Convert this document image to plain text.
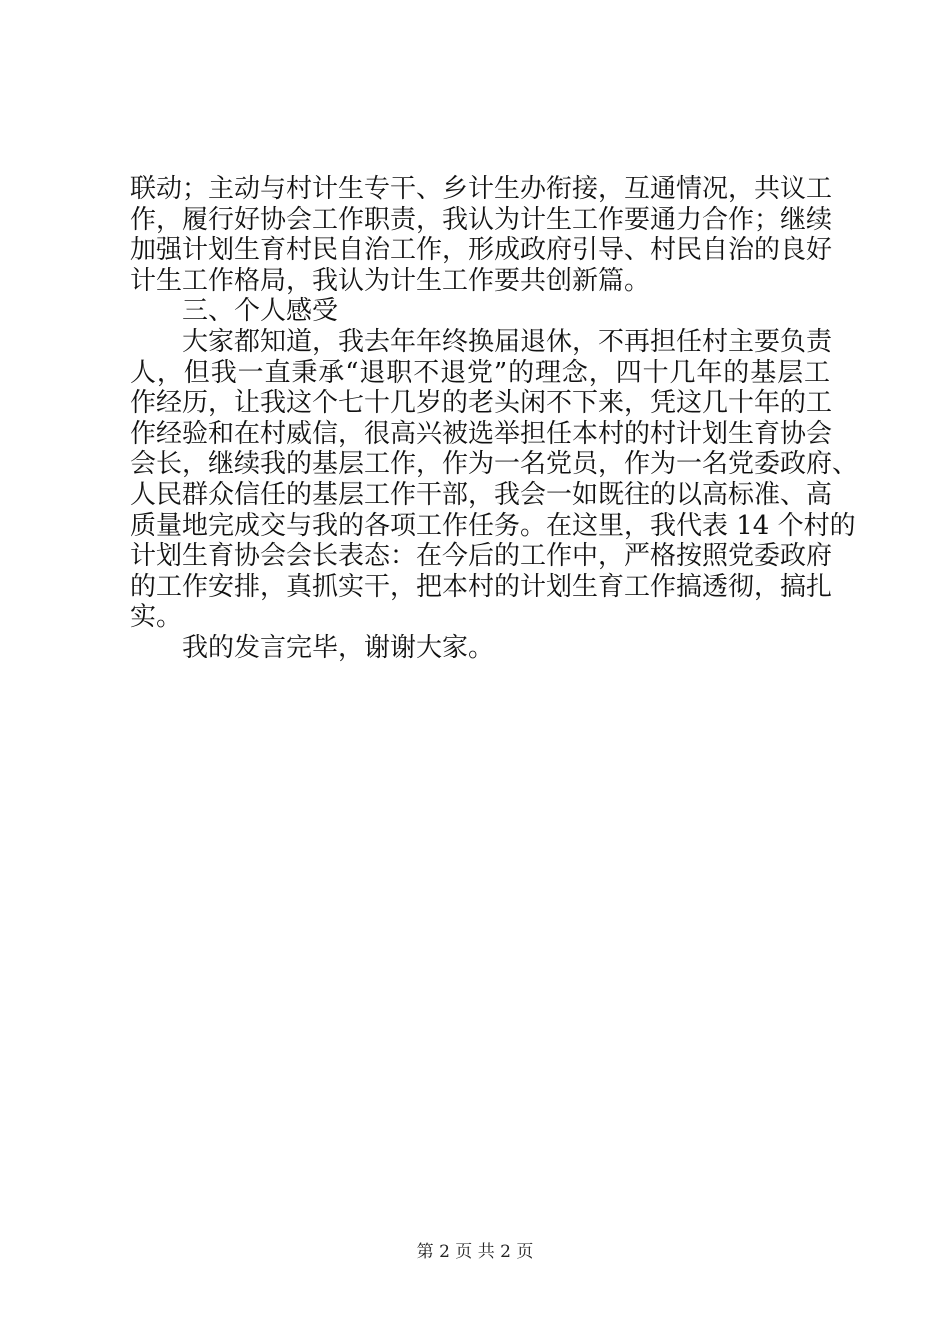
联动；主动与村计生专干、乡计生办衔接，互通情况，共议工
作，履行好协会工作职责，我认为计生工作要通力合作；继续
加强计划生育村民自治工作，形成政府引导、村民自治的良好
计生工作格局，我认为计生工作要共创新篇。
三、个人感受
大家都知道，我去年年终换届退休，不再担任村主要负责
人，但我一直秉承“退职不退党”的理念，四十几年的基层工
作经历，让我这个七十几岁的老头闲不下来，凭这几十年的工
作经验和在村威信，很高兴被选举担任本村的村计划生育协会
会长，继续我的基层工作，作为一名党员，作为一名党委政府、
人民群众信任的基层工作干部，我会一如既往的以高标准、高
质量地完成交与我的各项工作任务。在这里，我代表 14 个村的
计划生育协会会长表态：在今后的工作中，严格按照党委政府
的工作安排，真抓实干，把本村的计划生育工作搞透彻，搞扎
实。
我的发言完毕，谢谢大家。
第 2 页 共 2 页
